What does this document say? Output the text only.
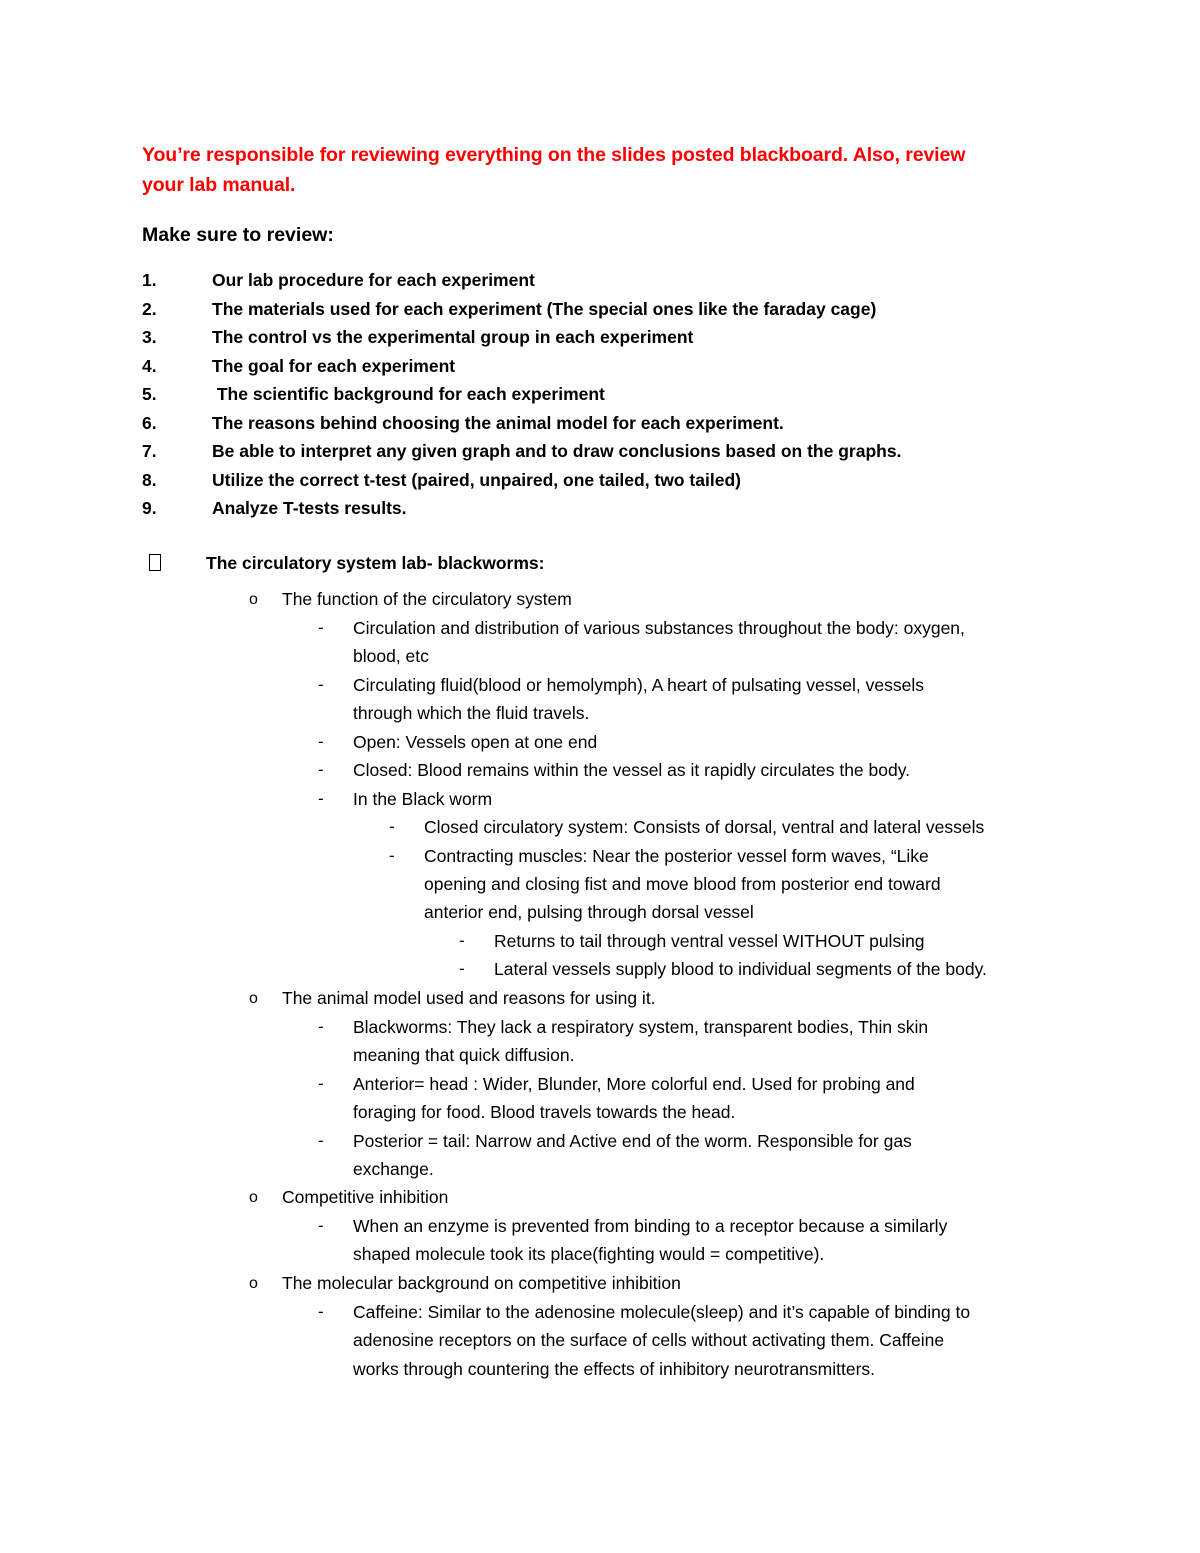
You’re responsible for reviewing everything on the slides posted blackboard. Also, review
your lab manual.
Make sure to review:
1.	Our lab procedure for each experiment
2.	The materials used for each experiment (The special ones like the faraday cage)
3.	The control vs the experimental group in each experiment
4.	The goal for each experiment
5.	The scientific background for each experiment
6.	The reasons behind choosing the animal model for each experiment.
7.	Be able to interpret any given graph and to draw conclusions based on the graphs.
8.	Utilize the correct t-test (paired, unpaired, one tailed, two tailed)
9.	Analyze T-tests results.
The circulatory system lab- blackworms:
o The function of the circulatory system
- Circulation and distribution of various substances throughout the body: oxygen,
blood, etc
- Circulating fluid(blood or hemolymph), A heart of pulsating vessel, vessels
through which the fluid travels.
- Open: Vessels open at one end
- Closed: Blood remains within the vessel as it rapidly circulates the body.
- In the Black worm
- Closed circulatory system: Consists of dorsal, ventral and lateral vessels
- Contracting muscles: Near the posterior vessel form waves, “Like
opening and closing fist and move blood from posterior end toward
anterior end, pulsing through dorsal vessel
- Returns to tail through ventral vessel WITHOUT pulsing
- Lateral vessels supply blood to individual segments of the body.
o The animal model used and reasons for using it.
- Blackworms: They lack a respiratory system, transparent bodies, Thin skin
meaning that quick diffusion.
- Anterior= head : Wider, Blunder, More colorful end. Used for probing and
foraging for food. Blood travels towards the head.
- Posterior = tail: Narrow and Active end of the worm. Responsible for gas
exchange.
o Competitive inhibition
- When an enzyme is prevented from binding to a receptor because a similarly
shaped molecule took its place(fighting would = competitive).
o The molecular background on competitive inhibition
- Caffeine: Similar to the adenosine molecule(sleep) and it’s capable of binding to
adenosine receptors on the surface of cells without activating them. Caffeine
works through countering the effects of inhibitory neurotransmitters.
